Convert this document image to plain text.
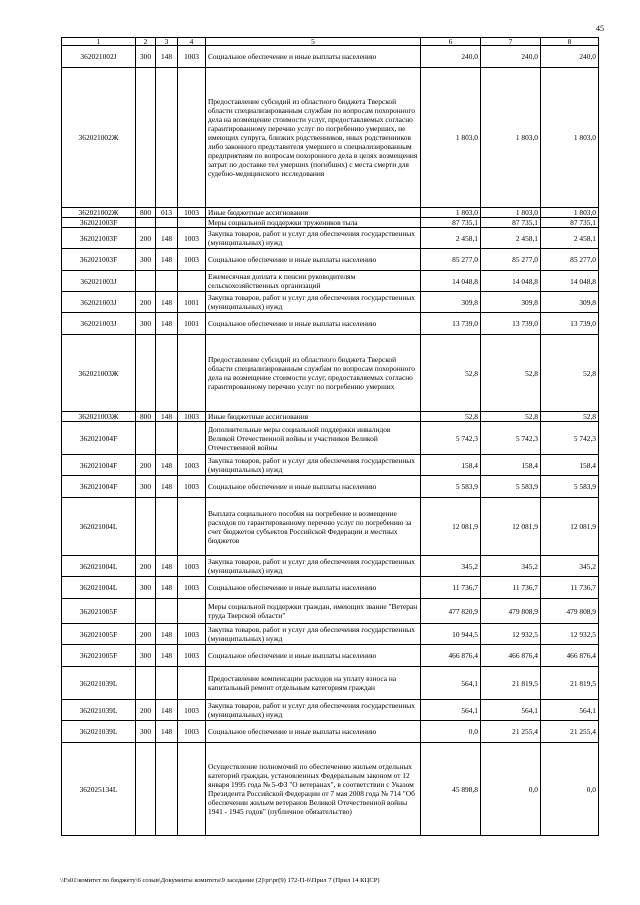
45
1	2	3	4	5	6	7	8
362021002J	300	148	1003	Социальное обеспечение и иные выплаты населению	240,0	240,0	240,0
362021002Ж				Предоставление субсидий из областного бюджета Тверской области специализированным службам по вопросам похоронного дела на возмещение стоимости услуг, предоставляемых согласно гарантированному перечню услуг по погребению умерших, не имеющих супруга, близких родственников, иных родственников либо законного представителя умершего и специализированным предприятиям по вопросам похоронного дела в целях возмещения затрат по доставке тел умерших (погибших) с места смерти для судебно-медицинского исследования	1 803,0	1 803,0	1 803,0
362021002Ж	800	013	1003	Иные бюджетные ассигнования	1 803,0	1 803,0	1 803,0
362021003F				Меры социальной поддержки тружеников тыла	87 735,1	87 735,1	87 735,1
362021003F	200	148	1003	Закупка товаров, работ и услуг для обеспечения государственных (муниципальных) нужд	2 458,1	2 458,1	2 458,1
362021003F	300	148	1003	Социальное обеспечение и иные выплаты населению	85 277,0	85 277,0	85 277,0
362021003J				Ежемесячная доплата к пенсии руководителям сельскохозяйственных организаций	14 048,8	14 048,8	14 048,8
362021003J	200	148	1001	Закупка товаров, работ и услуг для обеспечения государственных (муниципальных) нужд	309,8	309,8	309,8
362021003J	300	148	1001	Социальное обеспечение и иные выплаты населению	13 739,0	13 739,0	13 739,0
362021003Ж				Предоставление субсидий из областного бюджета Тверской области специализированным службам по вопросам похоронного дела на возмещение стоимости услуг, предоставляемых согласно гарантированному перечню услуг по погребению умерших	52,8	52,8	52,8
362021003Ж	800	148	1003	Иные бюджетные ассигнования	52,8	52,8	52,8
362021004F				Дополнительные меры социальной поддержки инвалидов Великой Отечественной войны и участников Великой Отечественной войны	5 742,3	5 742,3	5 742,3
362021004F	200	148	1003	Закупка товаров, работ и услуг для обеспечения государственных (муниципальных) нужд	158,4	158,4	158,4
362021004F	300	148	1003	Социальное обеспечение и иные выплаты населению	5 583,9	5 583,9	5 583,9
362021004L				Выплата социального пособия на погребение и возмещение расходов по гарантированному перечню услуг по погребению за счет бюджетов субъектов Российской Федерации и местных бюджетов	12 081,9	12 081,9	12 081,9
362021004L	200	148	1003	Закупка товаров, работ и услуг для обеспечения государственных (муниципальных) нужд	345,2	345,2	345,2
362021004L	300	148	1003	Социальное обеспечение и иные выплаты населению	11 736,7	11 736,7	11 736,7
362021005F				Меры социальной поддержки граждан, имеющих звание "Ветеран труда Тверской области"	477 820,9	479 808,9	479 808,9
362021005F	200	148	1003	Закупка товаров, работ и услуг для обеспечения государственных (муниципальных) нужд	10 944,5	12 932,5	12 932,5
362021005F	300	148	1003	Социальное обеспечение и иные выплаты населению	466 876,4	466 876,4	466 876,4
362021039L				Предоставление компенсации расходов на уплату взноса на капитальный ремонт отдельным категориям граждан	564,1	21 819,5	21 819,5
362021039L	200	148	1003	Закупка товаров, работ и услуг для обеспечения государственных (муниципальных) нужд	564,1	564,1	564,1
362021039L	300	148	1003	Социальное обеспечение и иные выплаты населению	0,0	21 255,4	21 255,4
362025134L				Осуществление полномочий по обеспечению жильем отдельных категорий граждан, установленных Федеральным законом от 12 января 1995 года № 5-ФЗ "О ветеранах", в соответствии с Указом Президента Российской Федерации от 7 мая 2008 года № 714 "Об обеспечении жильем ветеранов Великой Отечественной войны 1941 - 1945 годов" (публичное обязательство)	45 898,8	0,0	0,0
\\Fs01\комитет по бюджету\6 созыв\Документы комитета\9 заседание (2)\pr\pr(9) 172-П-6\Прил 7 (Прил 14 КЦСР)
